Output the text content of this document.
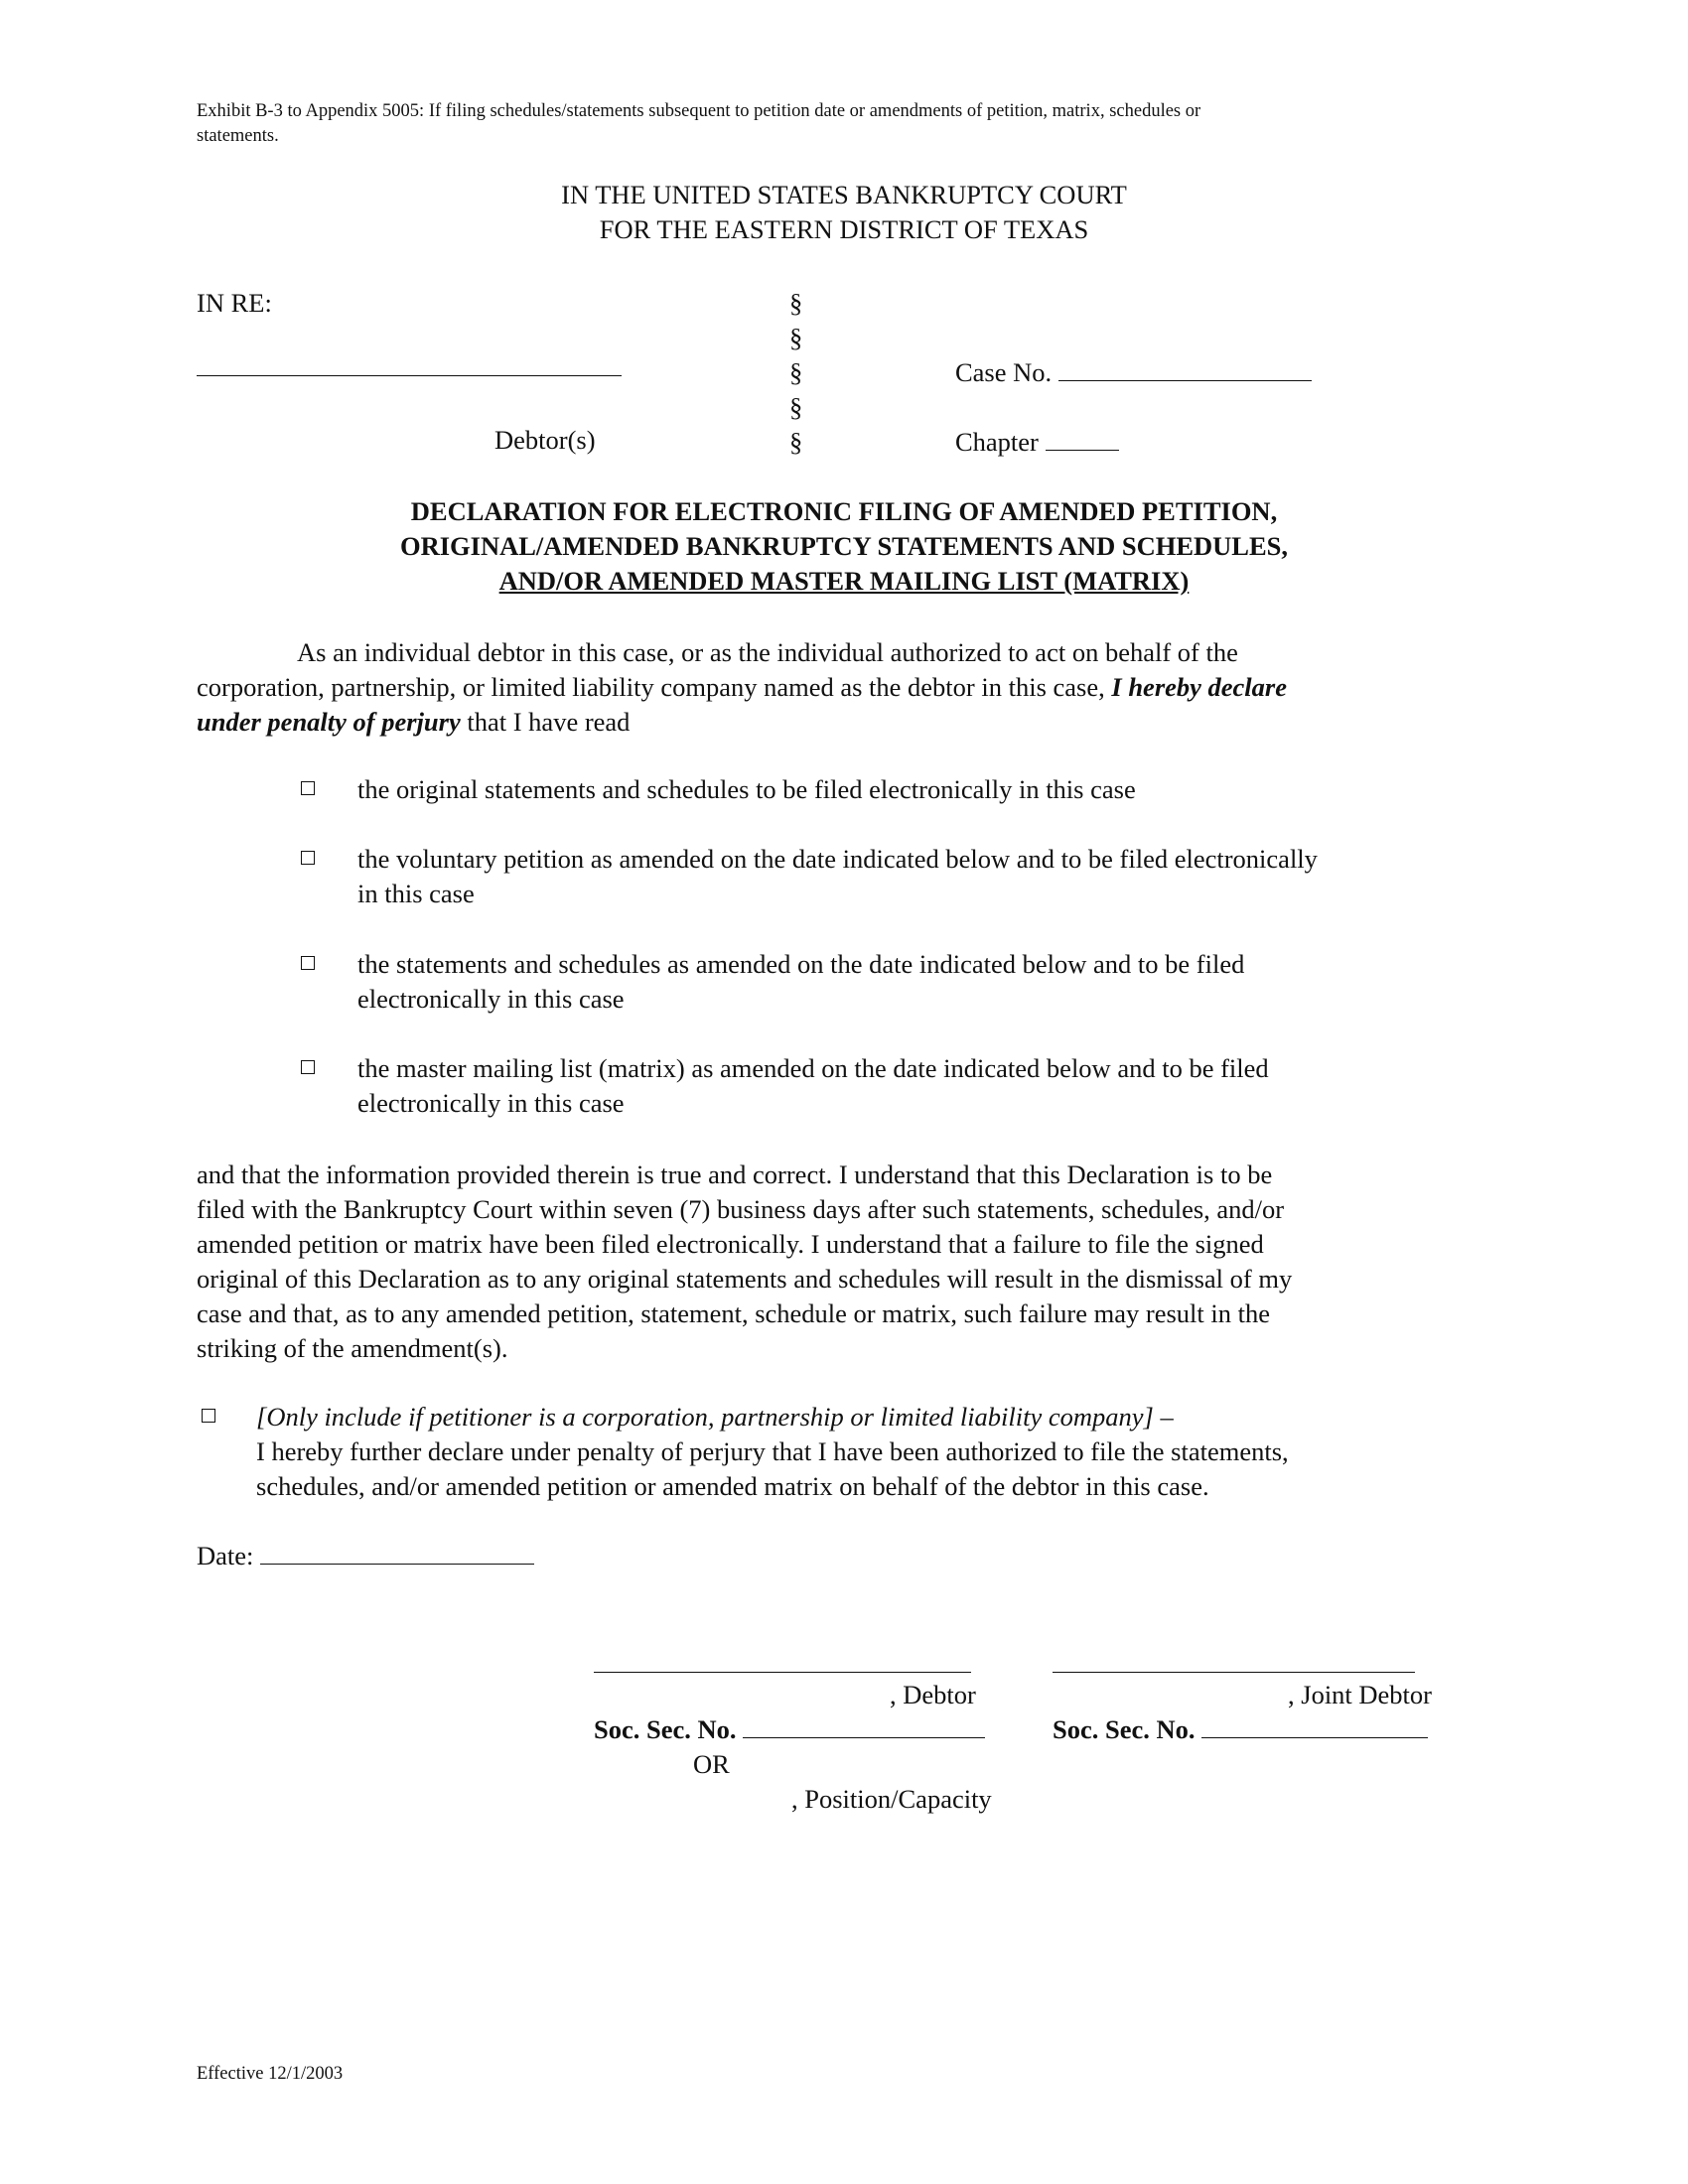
Exhibit B-3 to Appendix 5005: If filing schedules/statements subsequent to petition date or amendments of petition, matrix, schedules or
statements.
IN THE UNITED STATES BANKRUPTCY COURT
FOR THE EASTERN DISTRICT OF TEXAS
IN RE:
Debtor(s)
§
§
§
§
§
Case No.
Chapter
DECLARATION FOR ELECTRONIC FILING OF AMENDED PETITION,
ORIGINAL/AMENDED BANKRUPTCY STATEMENTS AND SCHEDULES,
AND/OR AMENDED MASTER MAILING LIST (MATRIX)
As an individual debtor in this case, or as the individual authorized to act on behalf of the
corporation, partnership, or limited liability company named as the debtor in this case, I hereby declare
under penalty of perjury that I have read
the original statements and schedules to be filed electronically in this case
the voluntary petition as amended on the date indicated below and to be filed electronically
in this case
the statements and schedules as amended on the date indicated below and to be filed
electronically in this case
the master mailing list (matrix) as amended on the date indicated below and to be filed
electronically in this case
and that the information provided therein is true and correct. I understand that this Declaration is to be
filed with the Bankruptcy Court within seven (7) business days after such statements, schedules, and/or
amended petition or matrix have been filed electronically. I understand that a failure to file the signed
original of this Declaration as to any original statements and schedules will result in the dismissal of my
case and that, as to any amended petition, statement, schedule or matrix, such failure may result in the
striking of the amendment(s).
[Only include if petitioner is a corporation, partnership or limited liability company] –
I hereby further declare under penalty of perjury that I have been authorized to file the statements,
schedules, and/or amended petition or amended matrix on behalf of the debtor in this case.
Date:
, Debtor	, Joint Debtor
Soc. Sec. No.	Soc. Sec. No.
OR
, Position/Capacity
Effective 12/1/2003
